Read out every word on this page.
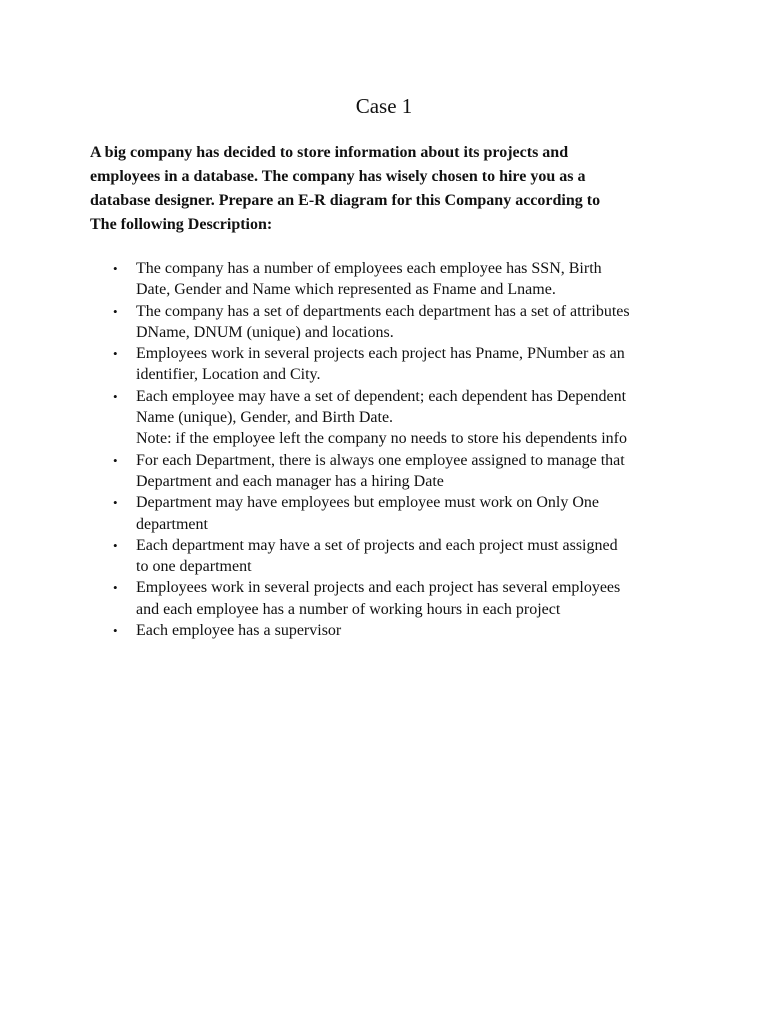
Case 1

A big company has decided to store information about its projects and
employees in a database. The company has wisely chosen to hire you as a
database designer. Prepare an E-R diagram for this Company according to
The following Description:

• The company has a number of employees each employee has SSN, Birth
Date, Gender and Name which represented as Fname and Lname.
• The company has a set of departments each department has a set of attributes
DName, DNUM (unique) and locations.
• Employees work in several projects each project has Pname, PNumber as an
identifier, Location and City.
• Each employee may have a set of dependent; each dependent has Dependent
Name (unique), Gender, and Birth Date.
Note: if the employee left the company no needs to store his dependents info
• For each Department, there is always one employee assigned to manage that
Department and each manager has a hiring Date
• Department may have employees but employee must work on Only One
department
• Each department may have a set of projects and each project must assigned
to one department
• Employees work in several projects and each project has several employees
and each employee has a number of working hours in each project
• Each employee has a supervisor
